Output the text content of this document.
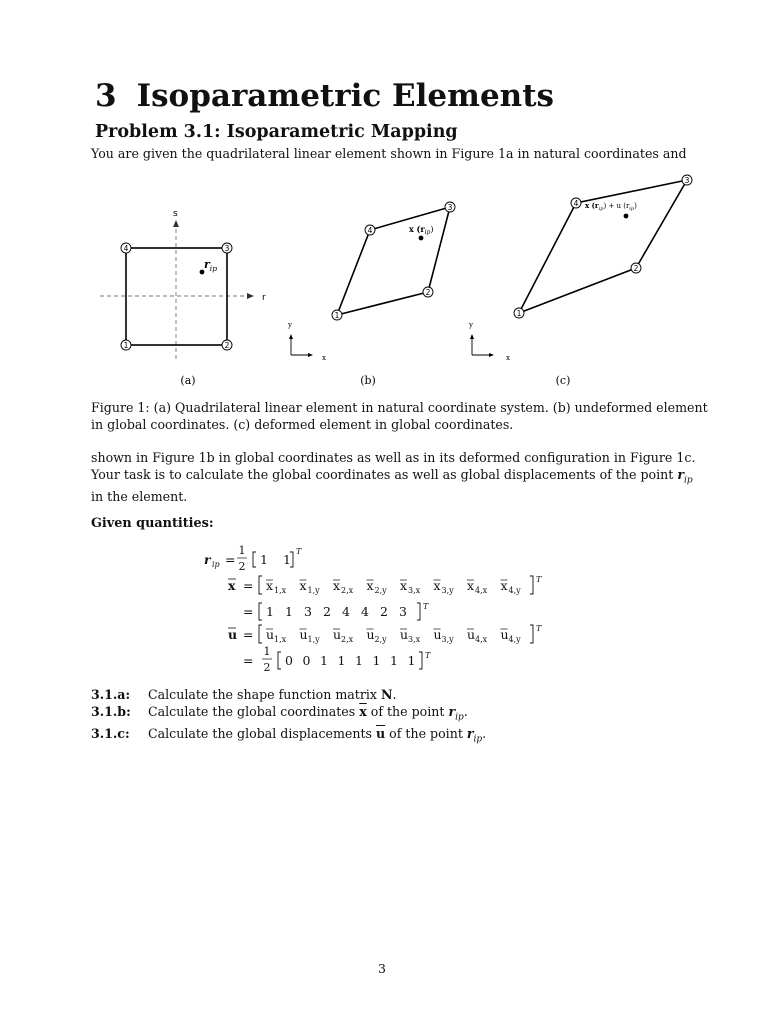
3 Isoparametric Elements
Problem 3.1: Isoparametric Mapping
You are given the quadrilateral linear element shown in Figure 1a in natural coordinates and
s
r
$r_{ip}$
1	2
3
4
(a)
x $(r_{ip})$
1
2
3
4
y
x
(b)
x $(r_{ip}) + u$ $(r_{ip})$
1
2
3
4
y
x
(c)
Figure 1: (a) Quadrilateral linear element in natural coordinate system. (b) undeformed element
in global coordinates. (c) deformed element in global coordinates.
shown in Figure 1b in global coordinates as well as in its deformed configuration in Figure 1c.
Your task is to calculate the global coordinates as well as global displacements of the point $r_{ip}$
in the element.
Given quantities:
r ip =
1
2 1 1
T
x = x 1,x x 1,y x 2,x x 2,y x 3,x x 3,y x 4,x x 4,y
T
= 1 1 3 2 4 4 2 3 T
u = u 1,x u 1,y u 2,x u 2,y u 3,x u 3,y u 4,x u 4,y
T
=
1
2 0 0 1 1 1 1 1 1 T
3.1.a:	Calculate the shape function matrix N.
3.1.b:	Calculate the global coordinates $\overline{x}$ of the point $r_{ip}$.
3.1.c:	Calculate the global displacements $\overline{u}$ of the point $r_{ip}$.
3
